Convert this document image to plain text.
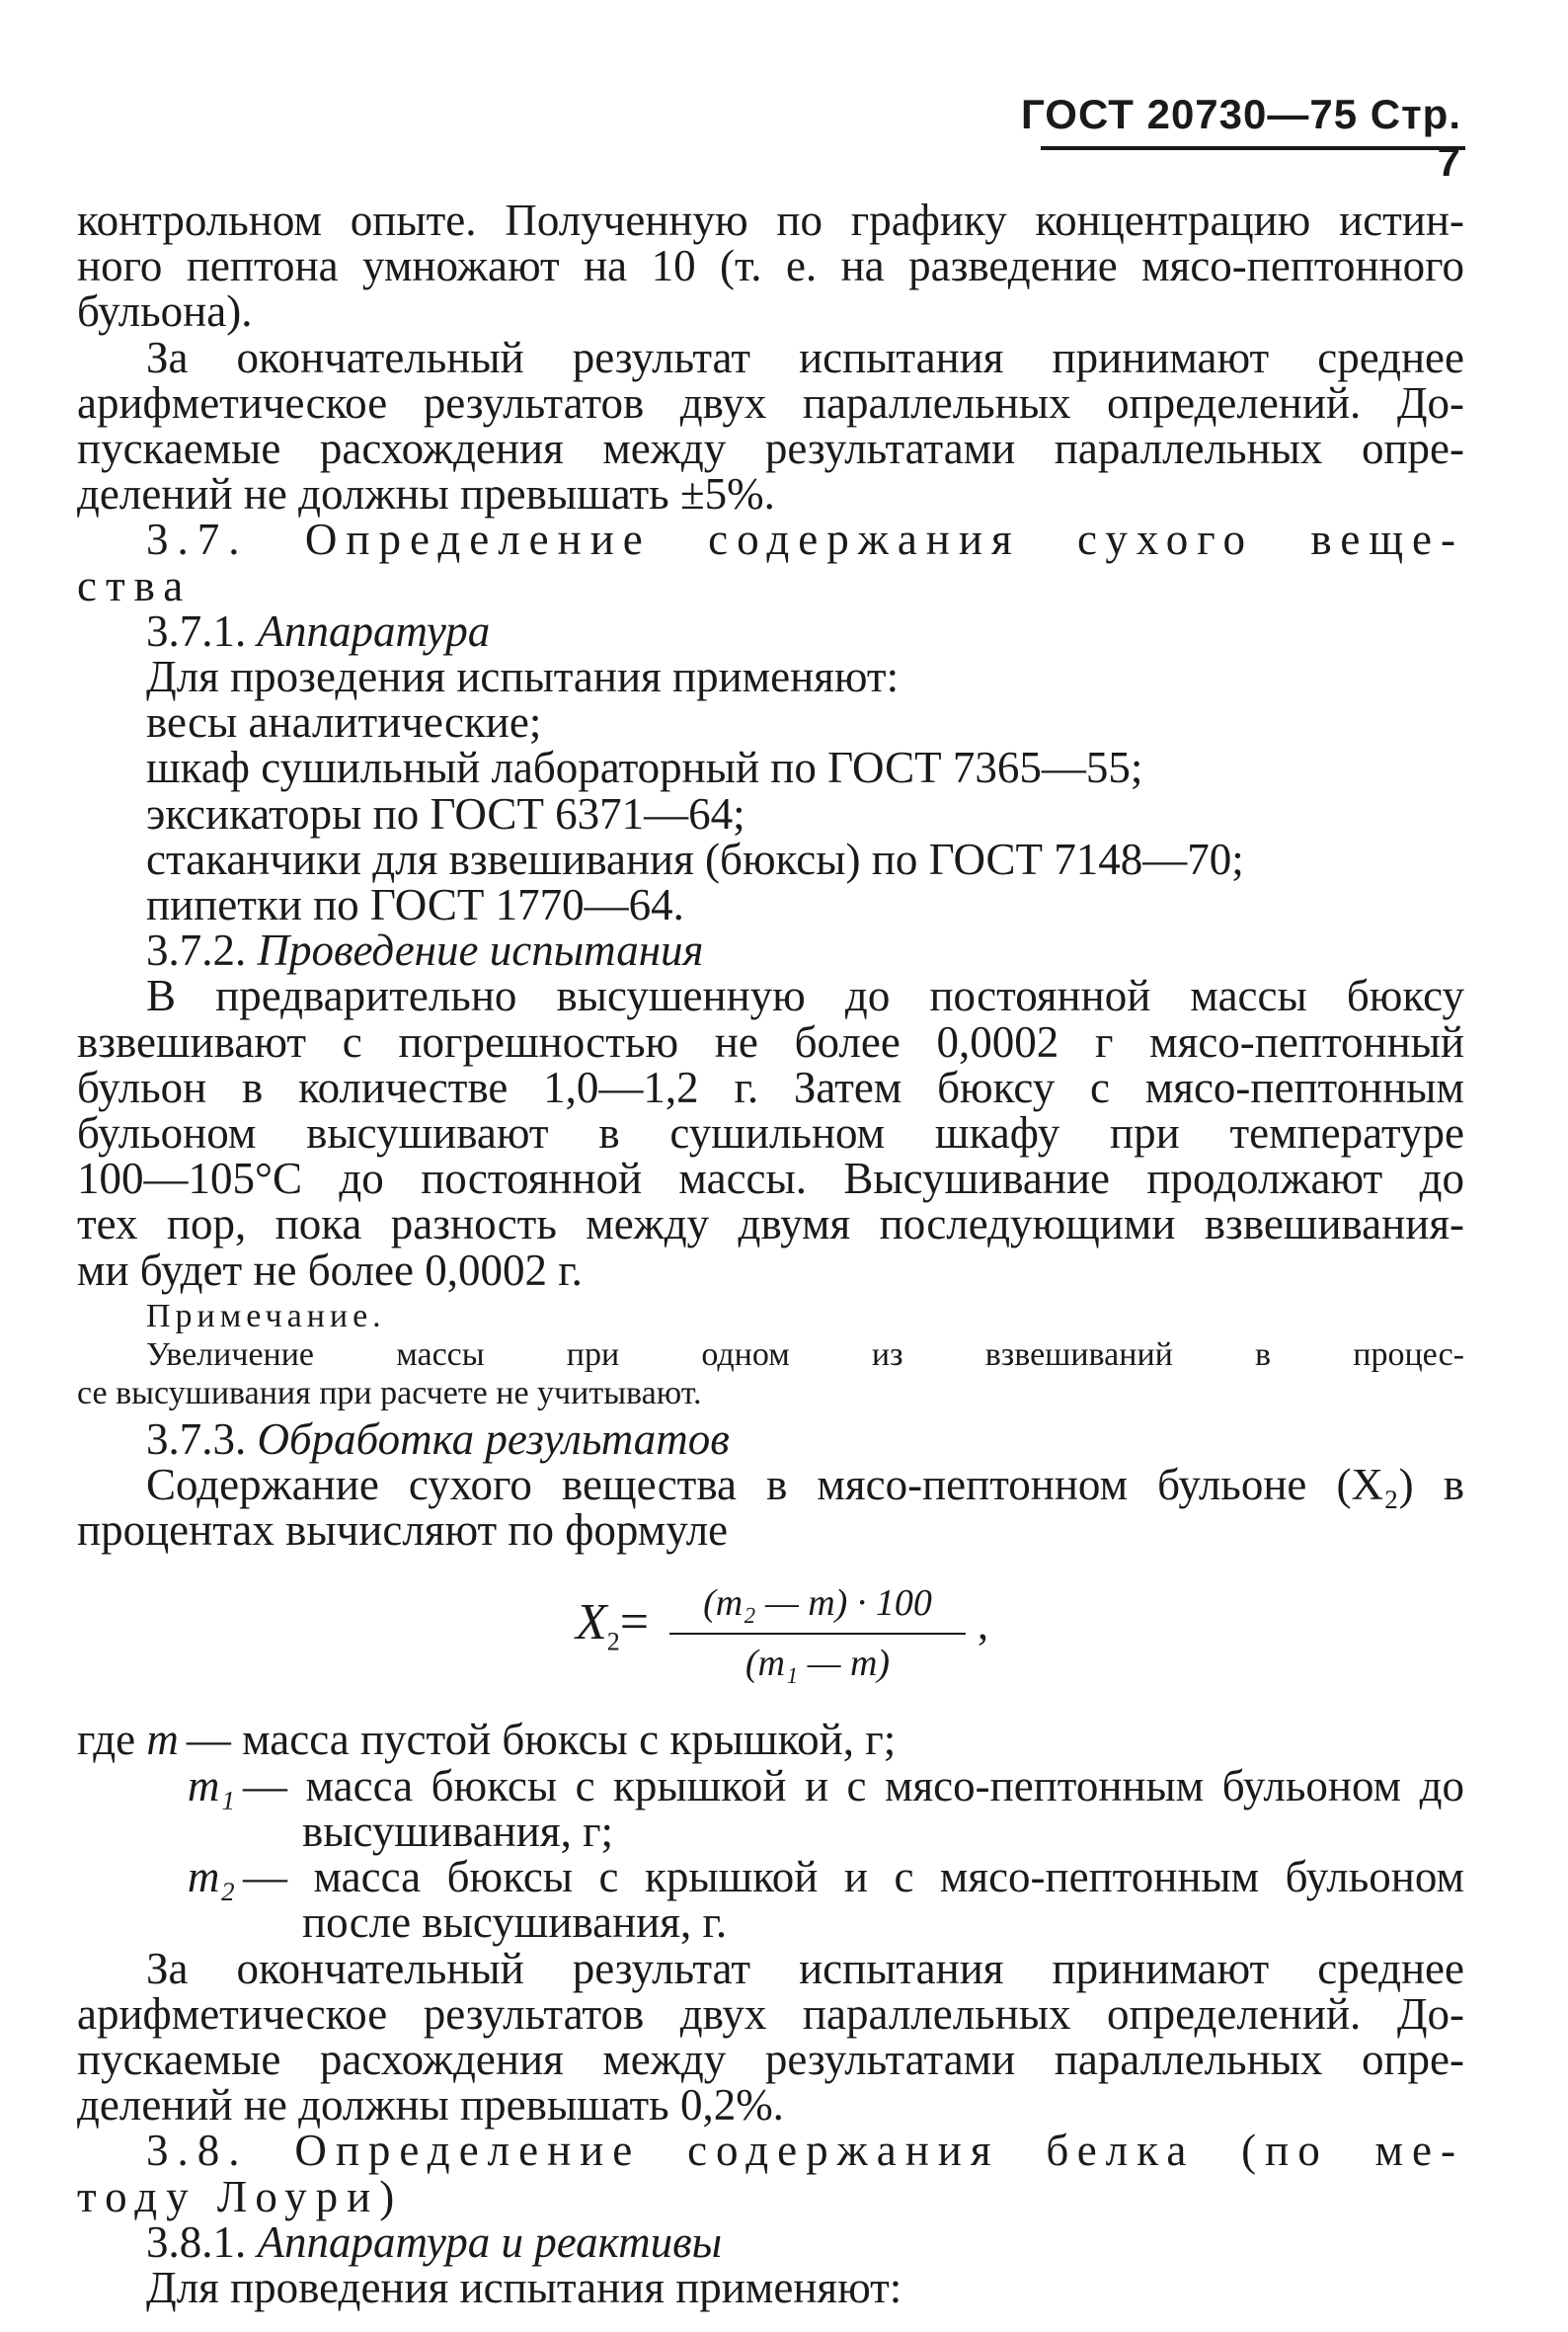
ГОСТ 20730—75 Стр. 7
контрольном опыте. Полученную по графику концентрацию истин-
ного пептона умножают на 10 (т. е. на разведение мясо-пептонного
бульона).
За окончательный результат испытания принимают среднее
арифметическое результатов двух параллельных определений. До-
пускаемые расхождения между результатами параллельных опре-
делений не должны превышать ±5%.
3.7. Определение содержания сухого веще-
ства
3.7.1. Аппаратура
Для прозедения испытания применяют:
весы аналитические;
шкаф сушильный лабораторный по ГОСТ 7365—55;
эксикаторы по ГОСТ 6371—64;
стаканчики для взвешивания (бюксы) по ГОСТ 7148—70;
пипетки по ГОСТ 1770—64.
3.7.2. Проведение испытания
В предварительно высушенную до постоянной массы бюксу
взвешивают с погрешностью не более 0,0002 г мясо-пептонный
бульон в количестве 1,0—1,2 г. Затем бюксу с мясо-пептонным
бульоном высушивают в сушильном шкафу при температуре
100—105°С до постоянной массы. Высушивание продолжают до
тех пор, пока разность между двумя последующими взвешивания-
ми будет не более 0,0002 г.
Примечание.
Увеличение массы при одном из взвешиваний в процес-
се высушивания при расчете не учитывают.
3.7.3. Обработка результатов
Содержание сухого вещества в мясо-пептонном бульоне (X₂) в
процентах вычисляют по формуле
$X_2= \frac{\text{(m₂ — m) · 100}}{\text{(m₁ — m)}}$ ,
где m — масса пустой бюксы с крышкой, г;
m₁ — масса бюксы с крышкой и с мясо-пептонным бульоном до
высушивания, г;
m₂ — масса бюксы с крышкой и с мясо-пептонным бульоном
после высушивания, г.
За окончательный результат испытания принимают среднее
арифметическое результатов двух параллельных определений. До-
пускаемые расхождения между результатами параллельных опре-
делений не должны превышать 0,2%.
3.8. Определение содержания белка (по ме-
тоду Лоури)
3.8.1. Аппаратура и реактивы
Для проведения испытания применяют:
